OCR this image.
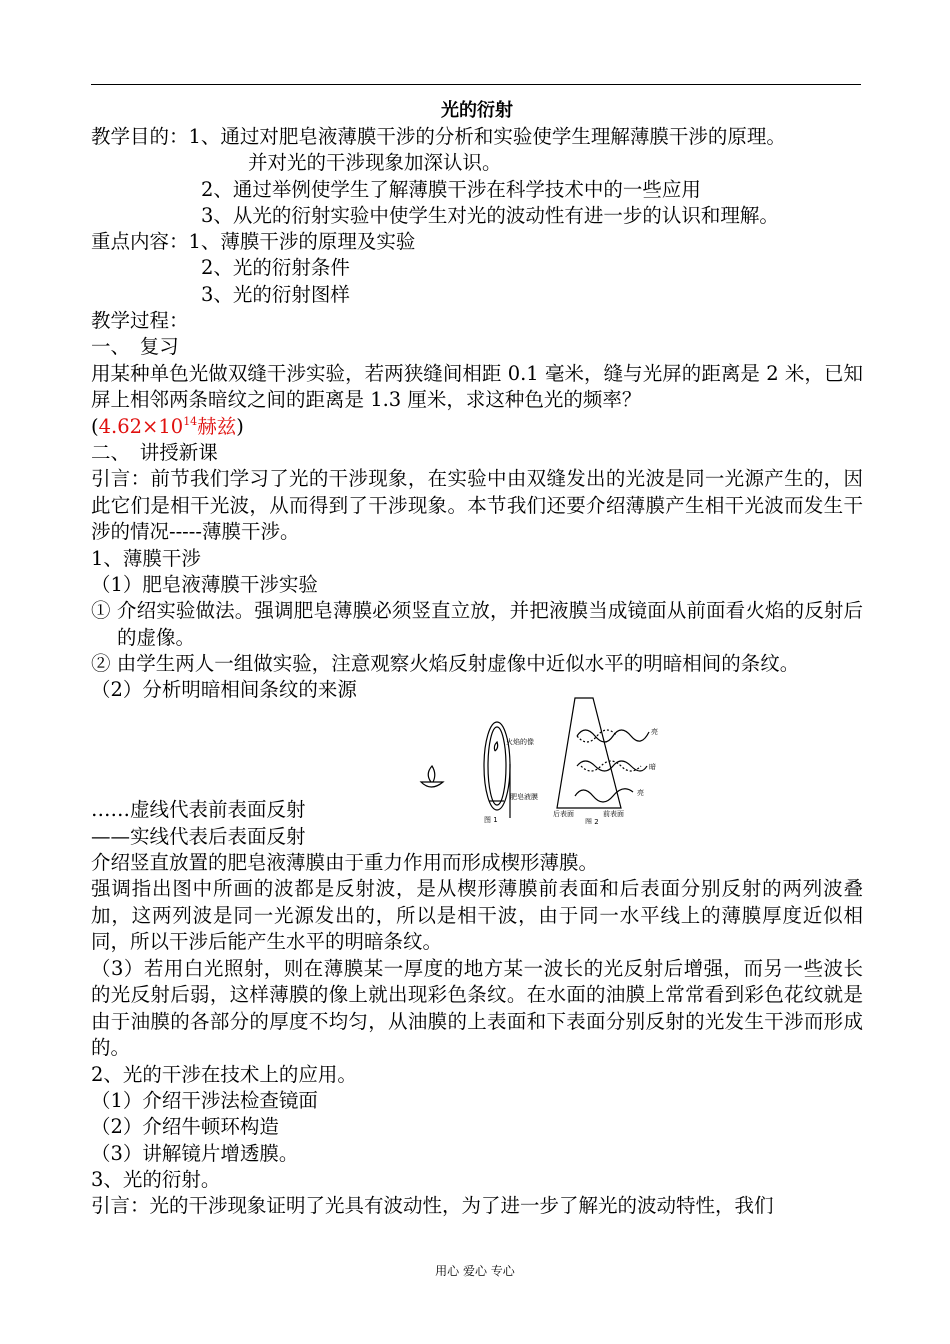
光的衍射
教学目的：1、通过对肥皂液薄膜干涉的分析和实验使学生理解薄膜干涉的原理。
并对光的干涉现象加深认识。
2、通过举例使学生了解薄膜干涉在科学技术中的一些应用
3、从光的衍射实验中使学生对光的波动性有进一步的认识和理解。
重点内容：1、薄膜干涉的原理及实验
2、光的衍射条件
3、光的衍射图样
教学过程：
一、　复习
用某种单色光做双缝干涉实验，若两狭缝间相距 0.1 毫米，缝与光屏的距离是 2 米，已知屏上相邻两条暗纹之间的距离是 1.3 厘米，求这种色光的频率？
($4.62\times 10^{14}$赫兹)
二、　讲授新课
引言：前节我们学习了光的干涉现象，在实验中由双缝发出的光波是同一光源产生的，因此它们是相干光波，从而得到了干涉现象。本节我们还要介绍薄膜产生相干光波而发生干涉的情况-----薄膜干涉。
1、薄膜干涉
（1）肥皂液薄膜干涉实验
① 介绍实验做法。强调肥皂薄膜必须竖直立放，并把液膜当成镜面从前面看火焰的反射后的虚像。
② 由学生两人一组做实验，注意观察火焰反射虚像中近似水平的明暗相间的条纹。
（2）分析明暗相间条纹的来源
火焰的像
肥皂液膜
图 1
亮
暗
亮
后表面	前表面
图 2
……虚线代表前表面反射
——实线代表后表面反射
介绍竖直放置的肥皂液薄膜由于重力作用而形成楔形薄膜。
强调指出图中所画的波都是反射波，是从楔形薄膜前表面和后表面分别反射的两列波叠加，这两列波是同一光源发出的，所以是相干波，由于同一水平线上的薄膜厚度近似相同，所以干涉后能产生水平的明暗条纹。
（3）若用白光照射，则在薄膜某一厚度的地方某一波长的光反射后增强，而另一些波长的光反射后弱，这样薄膜的像上就出现彩色条纹。在水面的油膜上常常看到彩色花纹就是由于油膜的各部分的厚度不均匀，从油膜的上表面和下表面分别反射的光发生干涉而形成的。
2、光的干涉在技术上的应用。
（1）介绍干涉法检查镜面
（2）介绍牛顿环构造
（3）讲解镜片增透膜。
3、光的衍射。
引言：光的干涉现象证明了光具有波动性，为了进一步了解光的波动特性，我们
用心 爱心 专心
